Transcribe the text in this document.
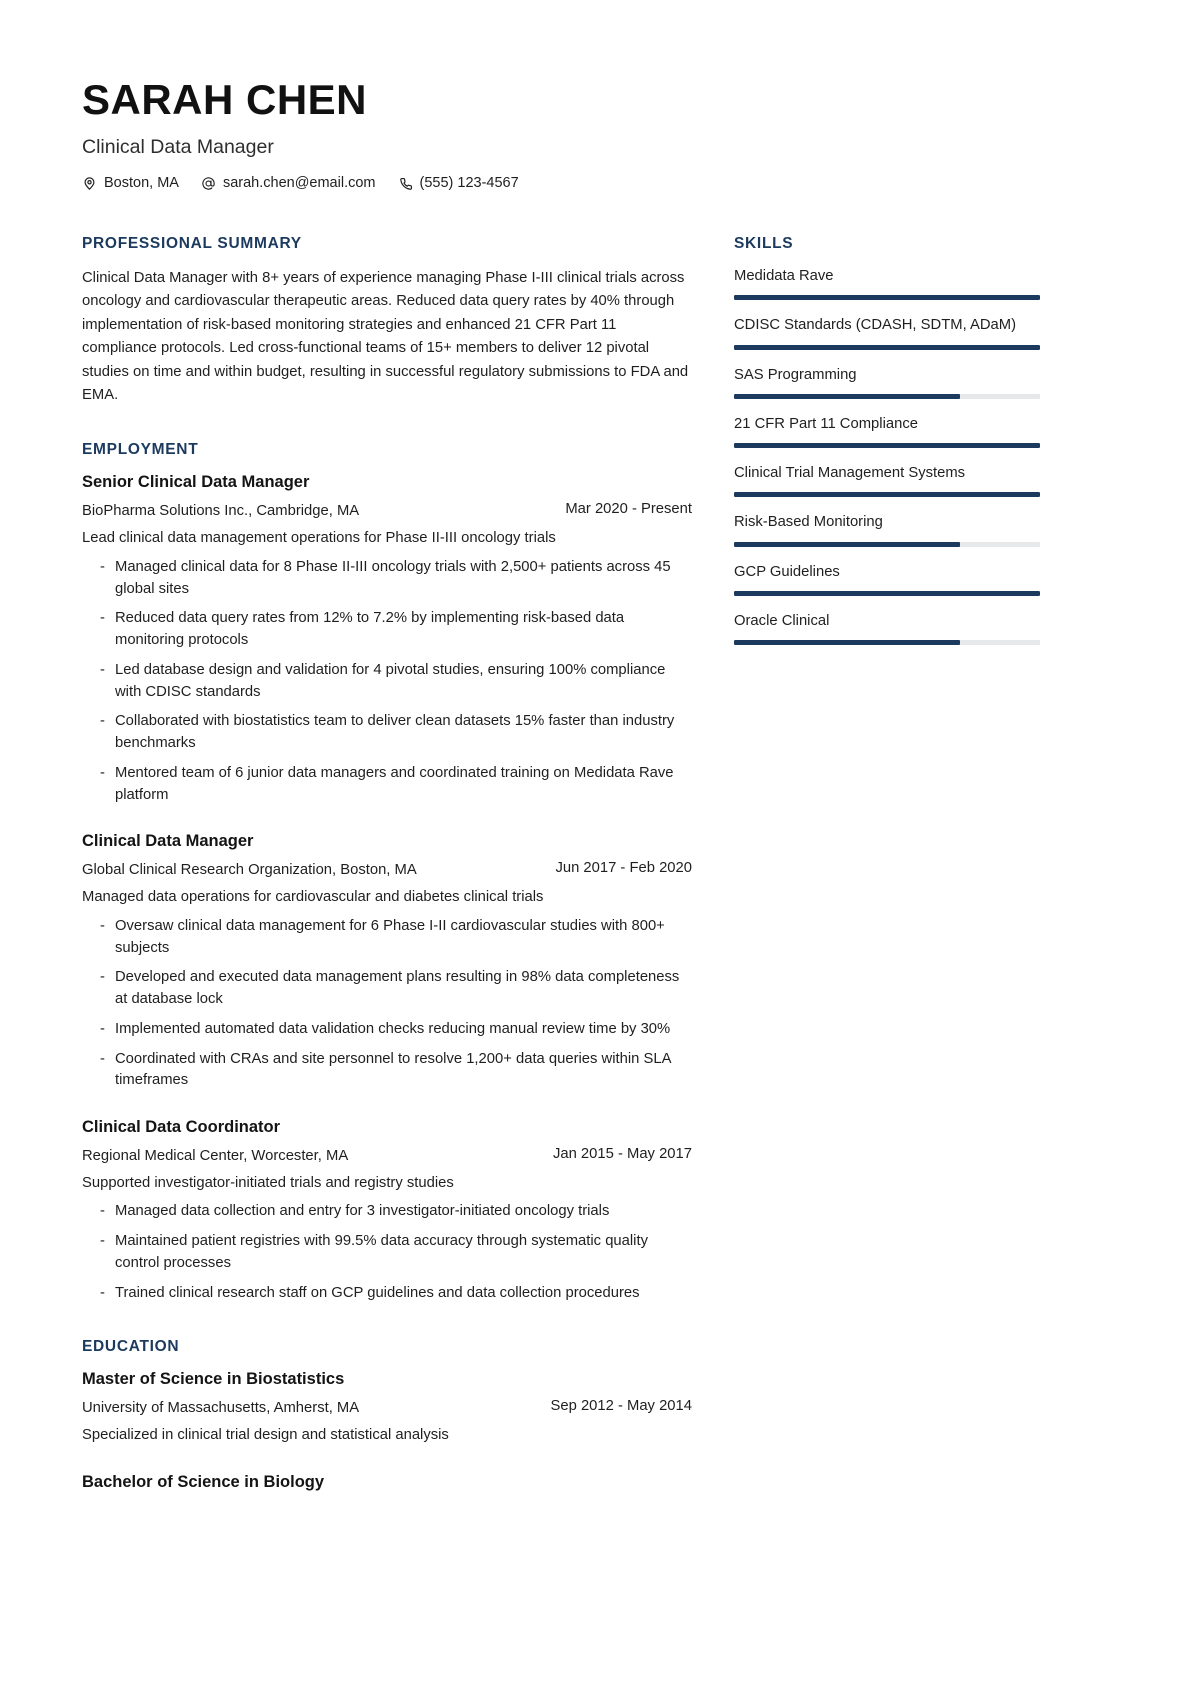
SARAH CHEN
Clinical Data Manager
Boston, MA	sarah.chen@email.com	(555) 123-4567
PROFESSIONAL SUMMARY
Clinical Data Manager with 8+ years of experience managing Phase I-III clinical trials across oncology and cardiovascular therapeutic areas. Reduced data query rates by 40% through implementation of risk-based monitoring strategies and enhanced 21 CFR Part 11 compliance protocols. Led cross-functional teams of 15+ members to deliver 12 pivotal studies on time and within budget, resulting in successful regulatory submissions to FDA and EMA.
EMPLOYMENT
Senior Clinical Data Manager
BioPharma Solutions Inc., Cambridge, MA	Mar 2020 - Present
Lead clinical data management operations for Phase II-III oncology trials
- Managed clinical data for 8 Phase II-III oncology trials with 2,500+ patients across 45 global sites
- Reduced data query rates from 12% to 7.2% by implementing risk-based data monitoring protocols
- Led database design and validation for 4 pivotal studies, ensuring 100% compliance with CDISC standards
- Collaborated with biostatistics team to deliver clean datasets 15% faster than industry benchmarks
- Mentored team of 6 junior data managers and coordinated training on Medidata Rave platform
Clinical Data Manager
Global Clinical Research Organization, Boston, MA	Jun 2017 - Feb 2020
Managed data operations for cardiovascular and diabetes clinical trials
- Oversaw clinical data management for 6 Phase I-II cardiovascular studies with 800+ subjects
- Developed and executed data management plans resulting in 98% data completeness at database lock
- Implemented automated data validation checks reducing manual review time by 30%
- Coordinated with CRAs and site personnel to resolve 1,200+ data queries within SLA timeframes
Clinical Data Coordinator
Regional Medical Center, Worcester, MA	Jan 2015 - May 2017
Supported investigator-initiated trials and registry studies
- Managed data collection and entry for 3 investigator-initiated oncology trials
- Maintained patient registries with 99.5% data accuracy through systematic quality control processes
- Trained clinical research staff on GCP guidelines and data collection procedures
EDUCATION
Master of Science in Biostatistics
University of Massachusetts, Amherst, MA	Sep 2012 - May 2014
Specialized in clinical trial design and statistical analysis
Bachelor of Science in Biology
SKILLS
Medidata Rave
CDISC Standards (CDASH, SDTM, ADaM)
SAS Programming
21 CFR Part 11 Compliance
Clinical Trial Management Systems
Risk-Based Monitoring
GCP Guidelines
Oracle Clinical
